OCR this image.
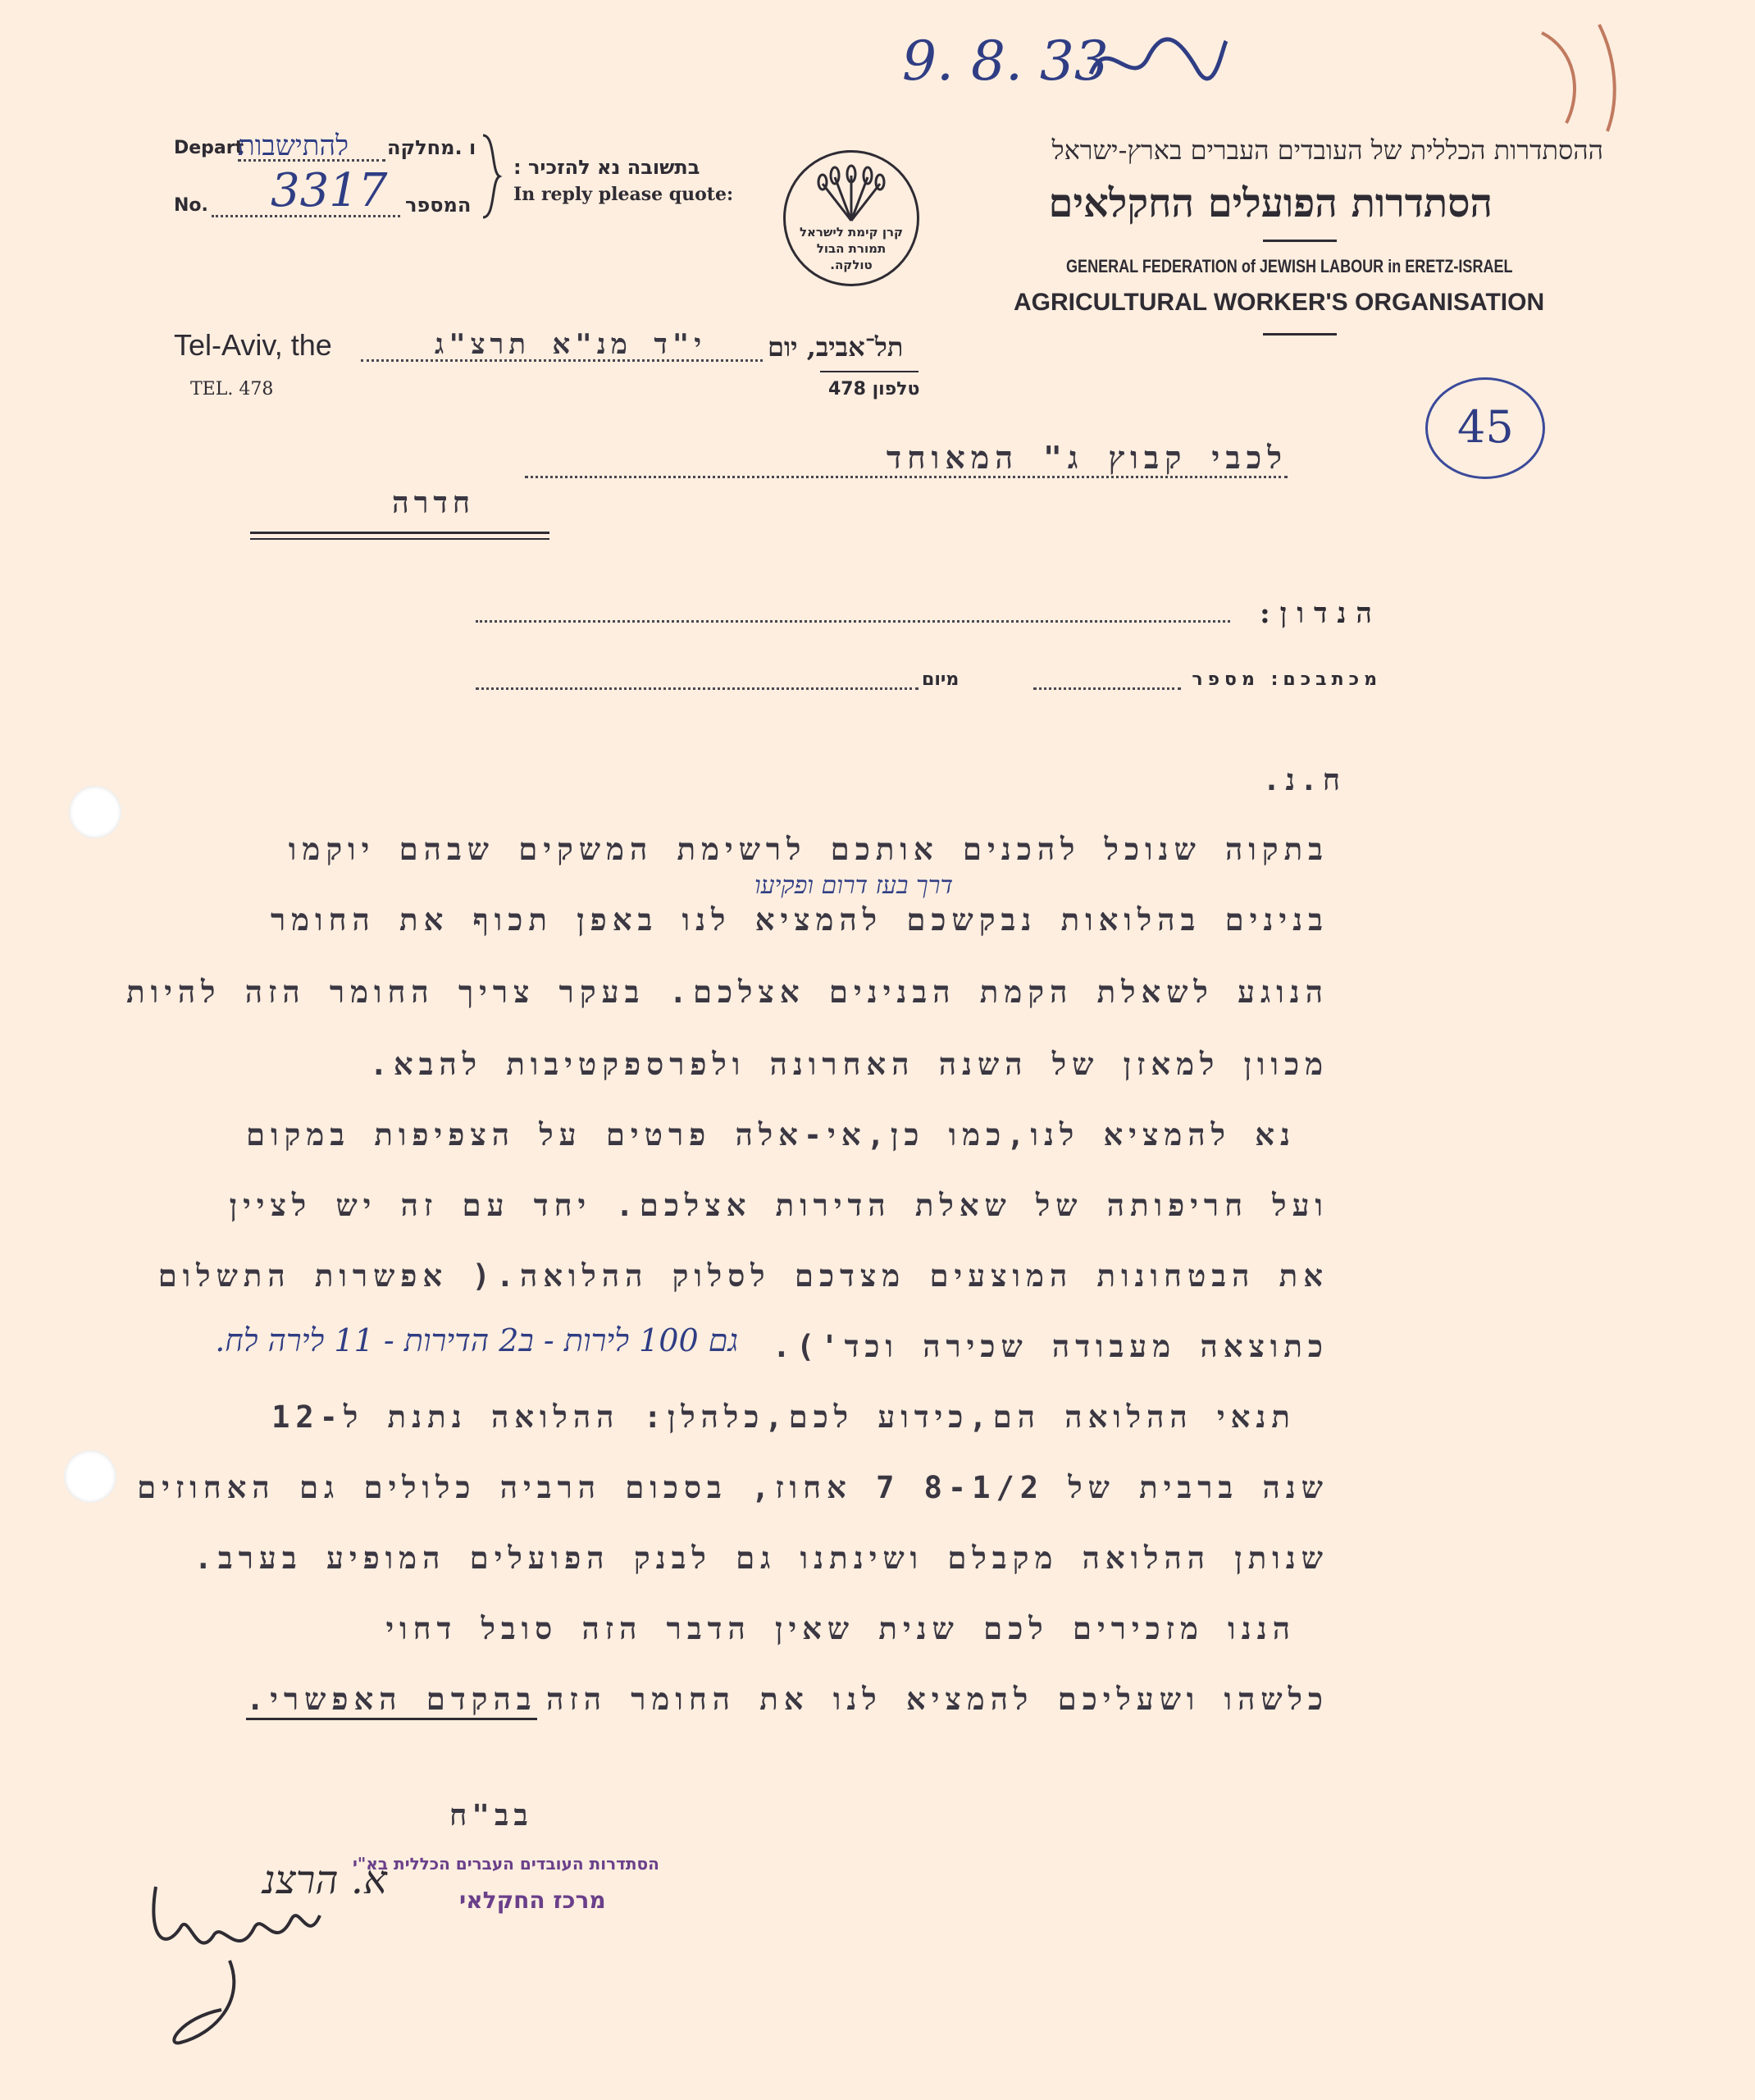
9. 8. 33
Depart
להתישבות ו .מחלקה
No. 3317 המספר
בתשובה נא להזכיר :
In reply please quote:
קרן קימת לישראל
תמורת הבול
טולקה.
ההסתדרות הכללית של העובדים העברים בארץ-ישראל
הסתדרות הפועלים החקלאים
GENERAL FEDERATION of JEWISH LABOUR in ERETZ-ISRAEL
AGRICULTURAL WORKER'S ORGANISATION
45
Tel-Aviv, the	י"ד מנ"א תרצ"ג תל־אביב, יום
TEL. 478	טלפון 478
לכבי קבוץ ג" המאוחד
חדרה
הנדון:
מיום	מכתבכם: מספר
ח.נ.
בתקוה שנוכל להכנים אותכם לרשימת המשקים שבהם יוקמו
דרך בעז דרום ופקיעו
בנינים בהלואות נבקשכם להמציא לנו באפן תכוף את החומר
הנוגע לשאלת הקמת הבנינים אצלכם. בעקר צריך החומר הזה להיות
מכוון למאזן של השנה האחרונה ולפרספקטיבות להבא.
נא להמציא לנו,כמו כן,אי-אלה פרטים על הצפיפות במקום
ועל חריפותה של שאלת הדירות אצלכם. יחד עם זה יש לציין
את הבטחונות המוצעים מצדכם לסלוק ההלואה.( אפשרות התשלום
כתוצאה מעבודה שכירה וכד').
גם 100 לירות - ב2 הדירות - 11 לירה לח.
תנאי ההלואה הם,כידוע לכם,כלהלן: ההלואה נתנת ל-12
שנה ברבית של 8-1/2 7 אחוז, בסכום הרביה כלולים גם האחוזים
שנותן ההלואה מקבלם ושינתנו גם לבנק הפועלים המופיע בערב.
הננו מזכירים לכם שנית שאין הדבר הזה סובל דחוי
כלשהו ושעליכם להמציא לנו את החומר הזה
בהקדם האפשרי.
בב"ח
הסתדרות העובדים העברים הכללית בא"י
מרכז החקלאי
א. הרצנ
